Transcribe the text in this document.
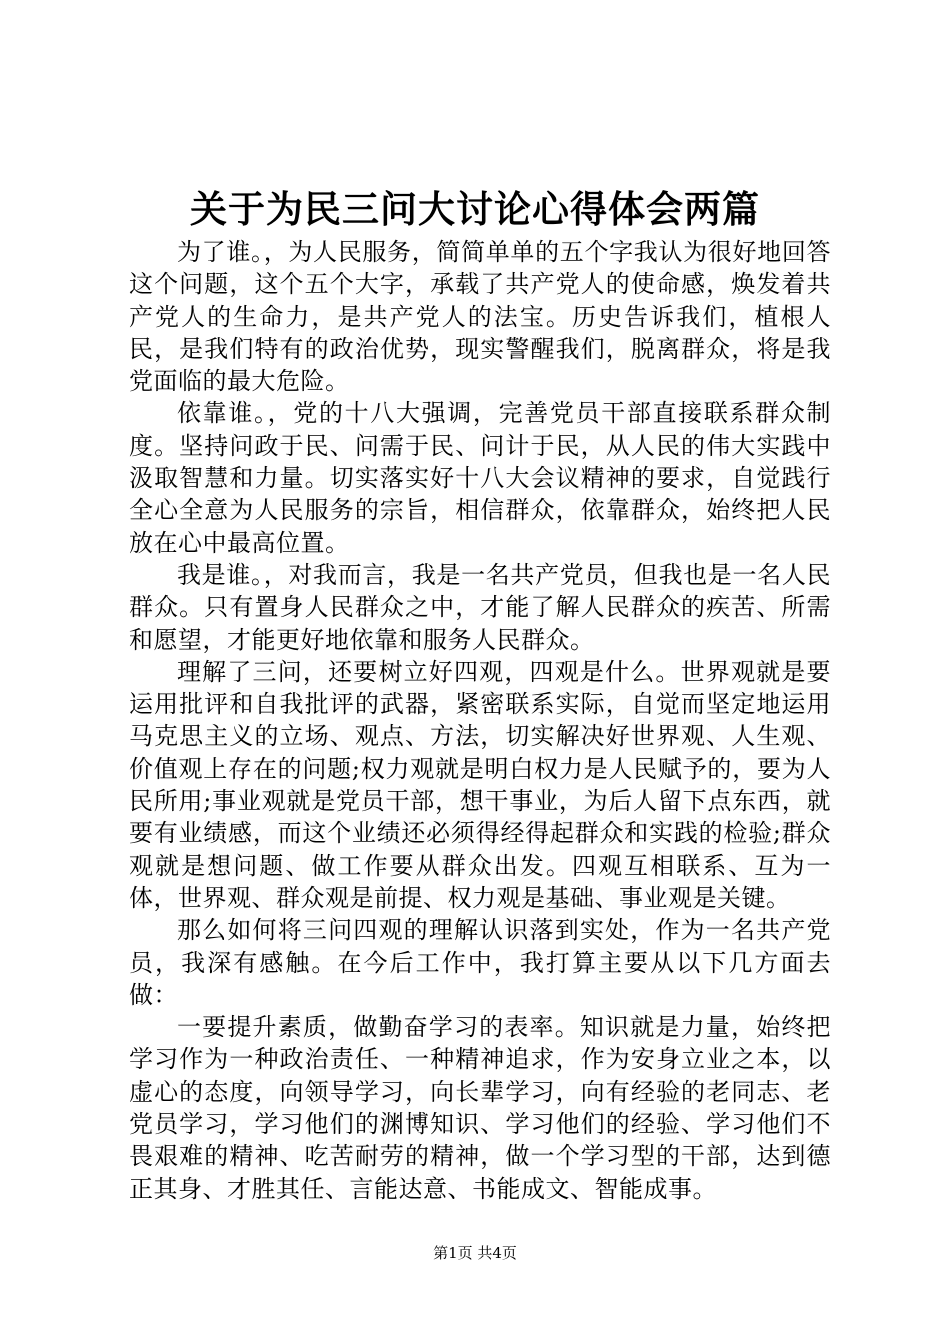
关于为民三问大讨论心得体会两篇

为了谁。，为人民服务，简简单单的五个字我认为很好地回答这个问题，这个五个大字，承载了共产党人的使命感，焕发着共产党人的生命力，是共产党人的法宝。历史告诉我们，植根人民，是我们特有的政治优势，现实警醒我们，脱离群众，将是我党面临的最大危险。

依靠谁。，党的十八大强调，完善党员干部直接联系群众制度。坚持问政于民、问需于民、问计于民，从人民的伟大实践中汲取智慧和力量。切实落实好十八大会议精神的要求，自觉践行全心全意为人民服务的宗旨，相信群众，依靠群众，始终把人民放在心中最高位置。

我是谁。，对我而言，我是一名共产党员，但我也是一名人民群众。只有置身人民群众之中，才能了解人民群众的疾苦、所需和愿望，才能更好地依靠和服务人民群众。

理解了三问，还要树立好四观，四观是什么。世界观就是要运用批评和自我批评的武器，紧密联系实际，自觉而坚定地运用马克思主义的立场、观点、方法，切实解决好世界观、人生观、价值观上存在的问题;权力观就是明白权力是人民赋予的，要为人民所用;事业观就是党员干部，想干事业，为后人留下点东西，就要有业绩感，而这个业绩还必须得经得起群众和实践的检验;群众观就是想问题、做工作要从群众出发。四观互相联系、互为一体，世界观、群众观是前提、权力观是基础、事业观是关键。

那么如何将三问四观的理解认识落到实处，作为一名共产党员，我深有感触。在今后工作中，我打算主要从以下几方面去做：

一要提升素质，做勤奋学习的表率。知识就是力量，始终把学习作为一种政治责任、一种精神追求，作为安身立业之本，以虚心的态度，向领导学习，向长辈学习，向有经验的老同志、老党员学习，学习他们的渊博知识、学习他们的经验、学习他们不畏艰难的精神、吃苦耐劳的精神，做一个学习型的干部，达到德正其身、才胜其任、言能达意、书能成文、智能成事。

第1页 共4页
